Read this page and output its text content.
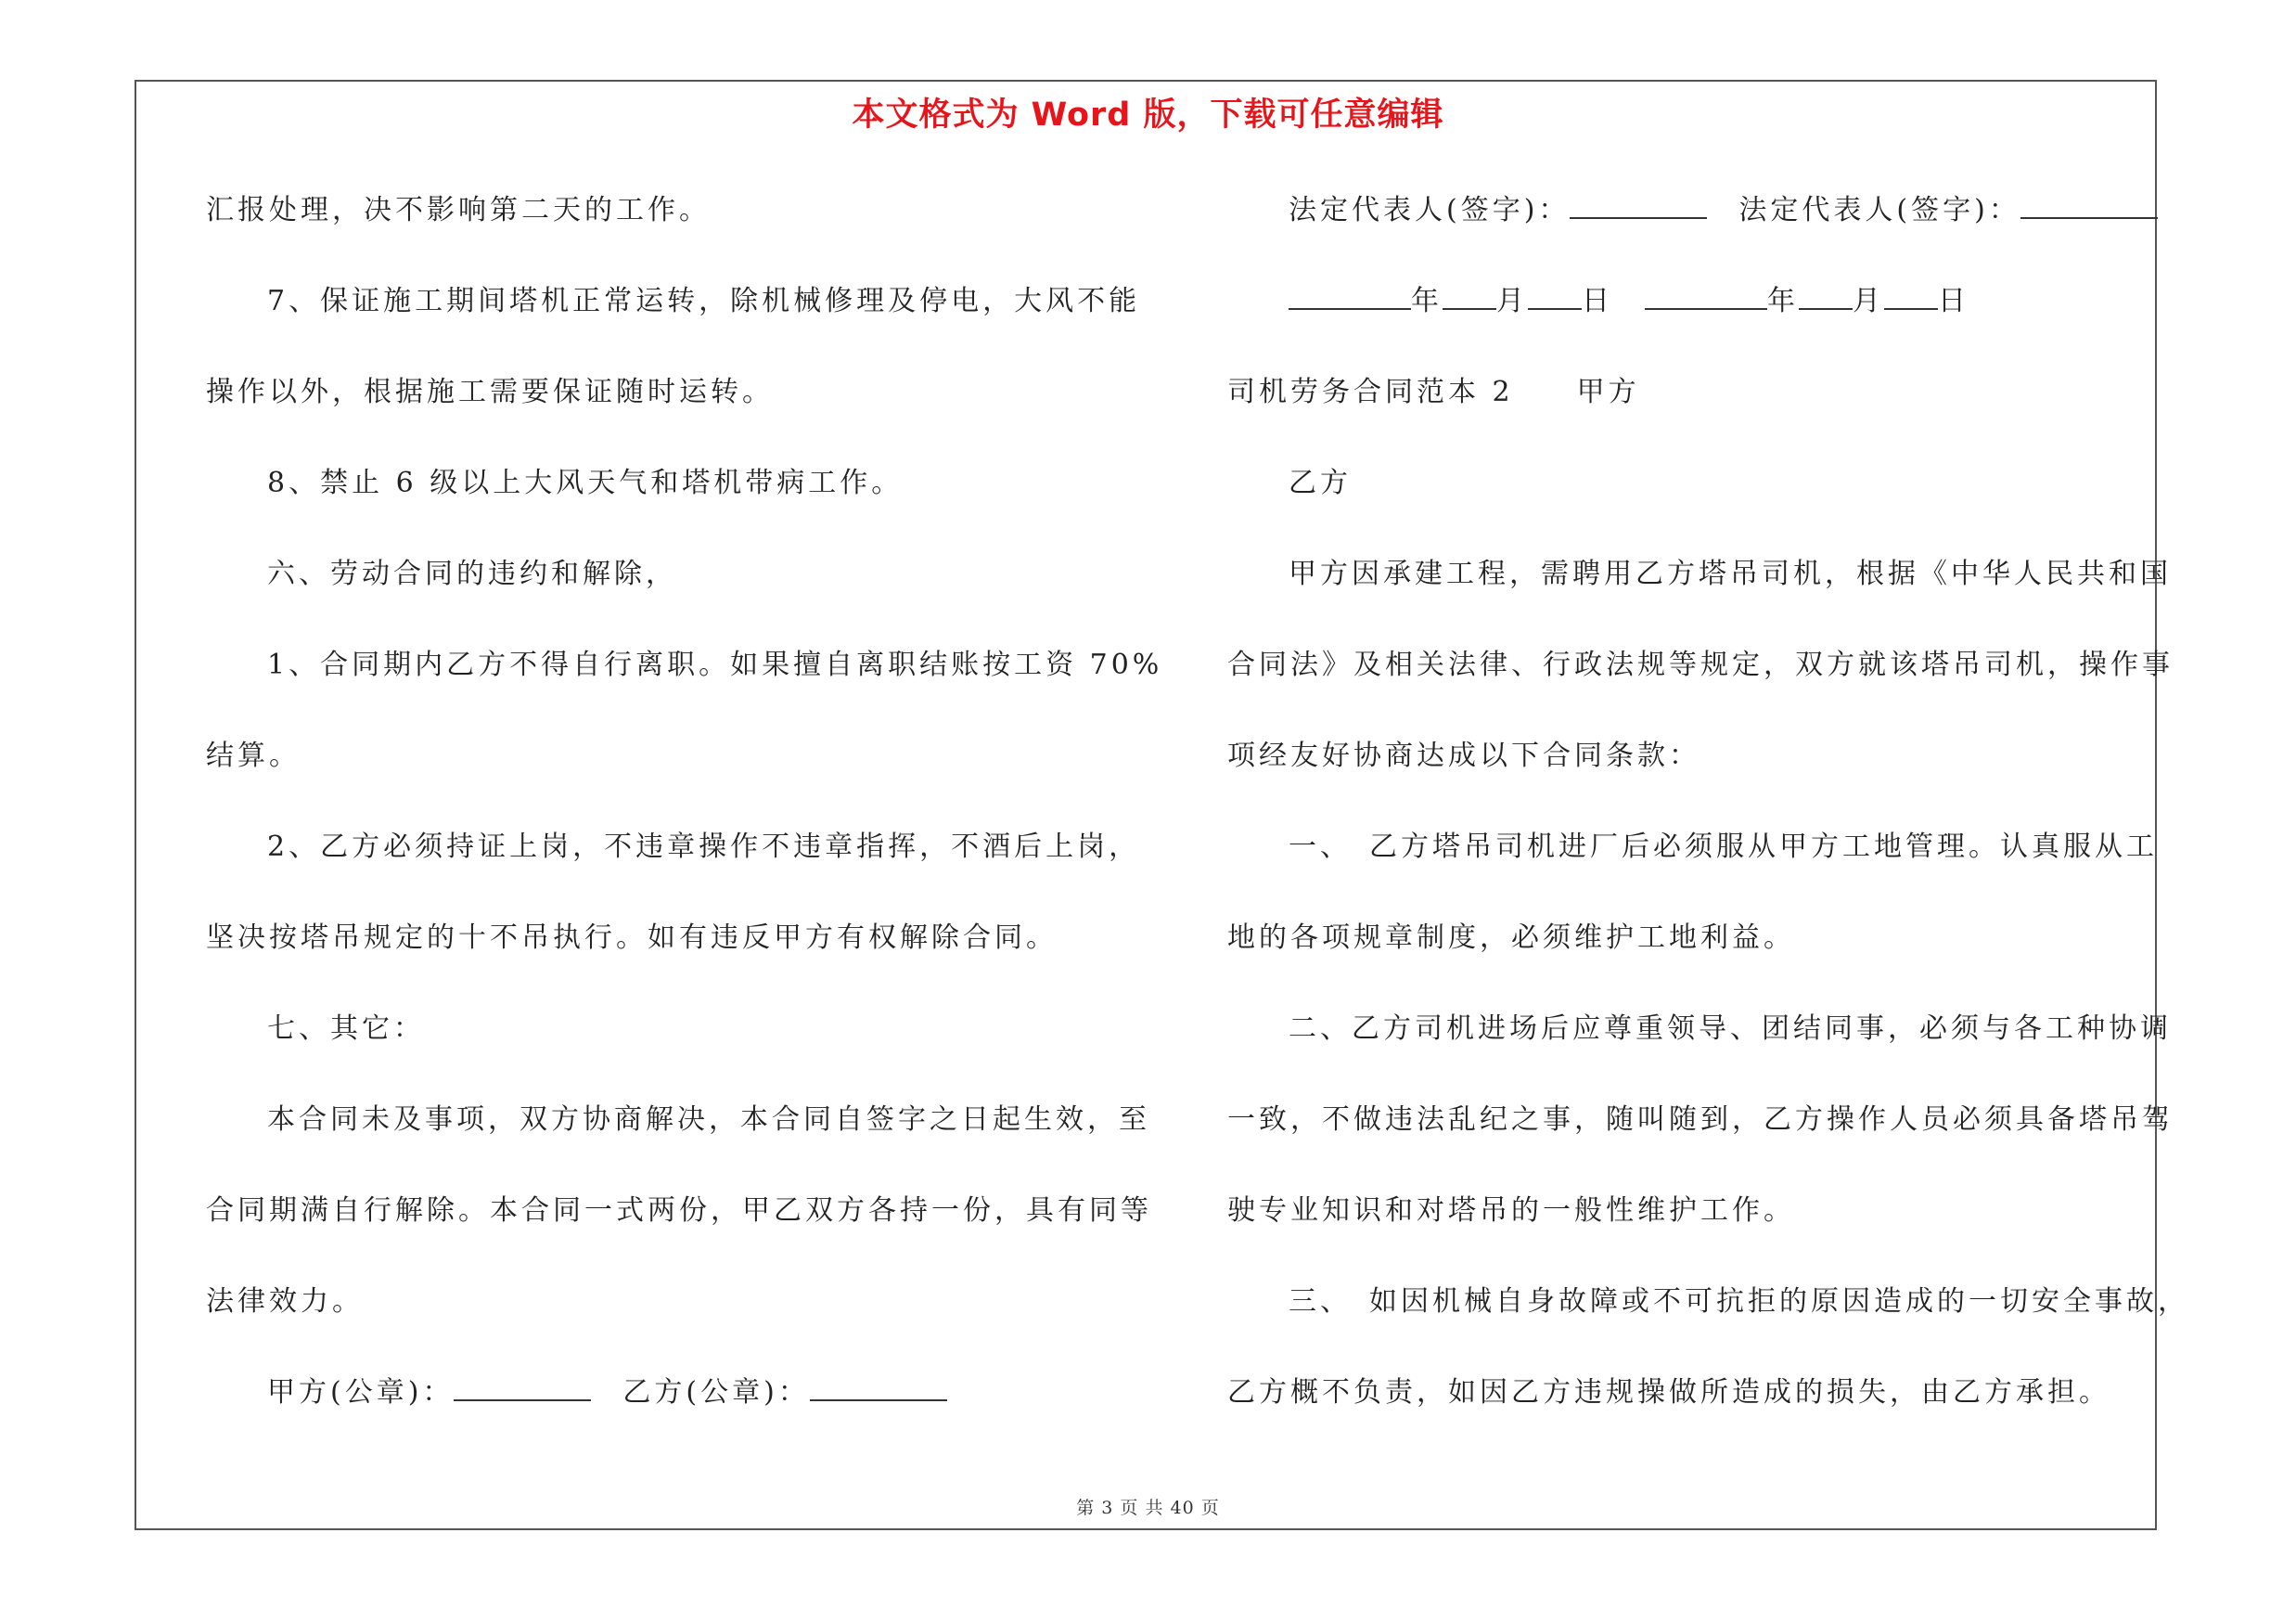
本文格式为 Word 版，下载可任意编辑
汇报处理，决不影响第二天的工作。
7、保证施工期间塔机正常运转，除机械修理及停电，大风不能
操作以外，根据施工需要保证随时运转。
8、禁止 6 级以上大风天气和塔机带病工作。
六、劳动合同的违约和解除，
1、合同期内乙方不得自行离职。如果擅自离职结账按工资 70%
结算。
2、乙方必须持证上岗，不违章操作不违章指挥，不酒后上岗，
坚决按塔吊规定的十不吊执行。如有违反甲方有权解除合同。
七、其它：
本合同未及事项，双方协商解决，本合同自签字之日起生效，至
合同期满自行解除。本合同一式两份，甲乙双方各持一份，具有同等
法律效力。
甲方(公章)：　	乙方(公章)：
法定代表人(签字)：　	法定代表人(签字)：
年 月 日　	年 月 日
司机劳务合同范本 2　　甲方
乙方
甲方因承建工程，需聘用乙方塔吊司机，根据《中华人民共和国
合同法》及相关法律、行政法规等规定，双方就该塔吊司机，操作事
项经友好协商达成以下合同条款：
一、　乙方塔吊司机进厂后必须服从甲方工地管理。认真服从工
地的各项规章制度，必须维护工地利益。
二、乙方司机进场后应尊重领导、团结同事，必须与各工种协调
一致，不做违法乱纪之事，随叫随到，乙方操作人员必须具备塔吊驾
驶专业知识和对塔吊的一般性维护工作。
三、　如因机械自身故障或不可抗拒的原因造成的一切安全事故，
乙方概不负责，如因乙方违规操做所造成的损失，由乙方承担。
第 3 页 共 40 页
